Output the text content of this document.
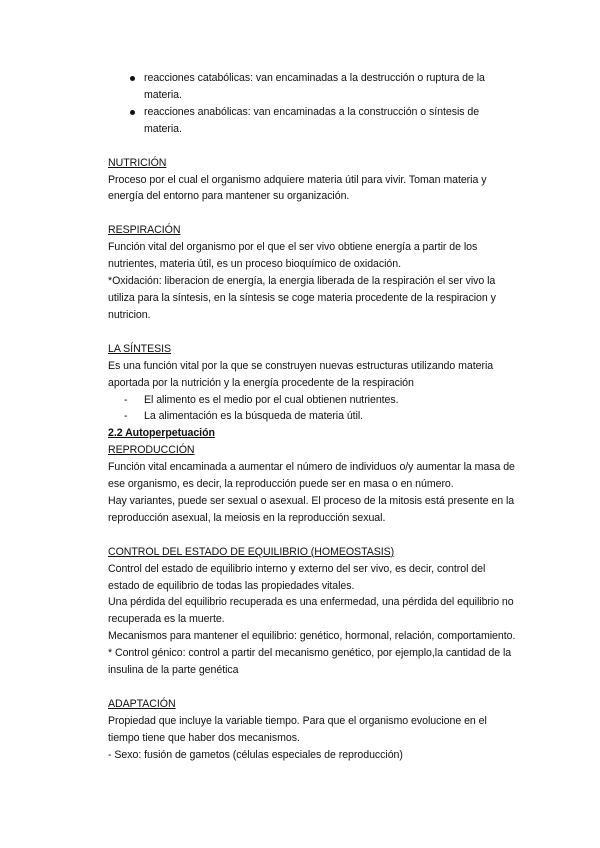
reacciones catabólicas: van encaminadas a la destrucción o ruptura de la materia.
reacciones anabólicas: van encaminadas a la construcción o síntesis de materia.

NUTRICIÓN

Proceso por el cual el organismo adquiere materia útil para vivir. Toman materia y energía del entorno para mantener su organización.

RESPIRACIÓN

Función vital del organismo por el que el ser vivo obtiene energía a partir de los nutrientes, materia útil, es un proceso bioquímico de oxidación.

*Oxidación: liberacion de energía, la energia liberada de la respiración el ser vivo la utiliza para la síntesis, en la síntesis se coge materia procedente de la respiracion y nutricion.

LA SÍNTESIS

Es una función vital por la que se construyen nuevas estructuras utilizando materia aportada por la nutrición y la energía procedente de la respiración

- El alimento es el medio por el cual obtienen nutrientes.
- La alimentación es la búsqueda de materia útil.

2.2 Autoperpetuación

REPRODUCCIÓN

Función vital encaminada a aumentar el número de individuos o/y aumentar la masa de ese organismo, es decir, la reproducción puede ser en masa o en número.

Hay variantes, puede ser sexual o asexual. El proceso de la mitosis está presente en la reproducción asexual, la meiosis en la reproducción sexual.

CONTROL DEL ESTADO DE EQUILIBRIO (HOMEOSTASIS)

Control del estado de equilibrio interno y externo del ser vivo, es decir, control del estado de equilibrio de todas las propiedades vitales.

Una pérdida del equilibrio recuperada es una enfermedad, una pérdida del equilibrio no recuperada es la muerte.

Mecanismos para mantener el equilibrio: genético, hormonal, relación, comportamiento.

* Control génico: control a partir del mecanismo genético, por ejemplo,la cantidad de la insulina de la parte genética

ADAPTACIÓN

Propiedad que incluye la variable tiempo. Para que el organismo evolucione en el tiempo tiene que haber dos mecanismos.

- Sexo: fusión de gametos (células especiales de reproducción)
